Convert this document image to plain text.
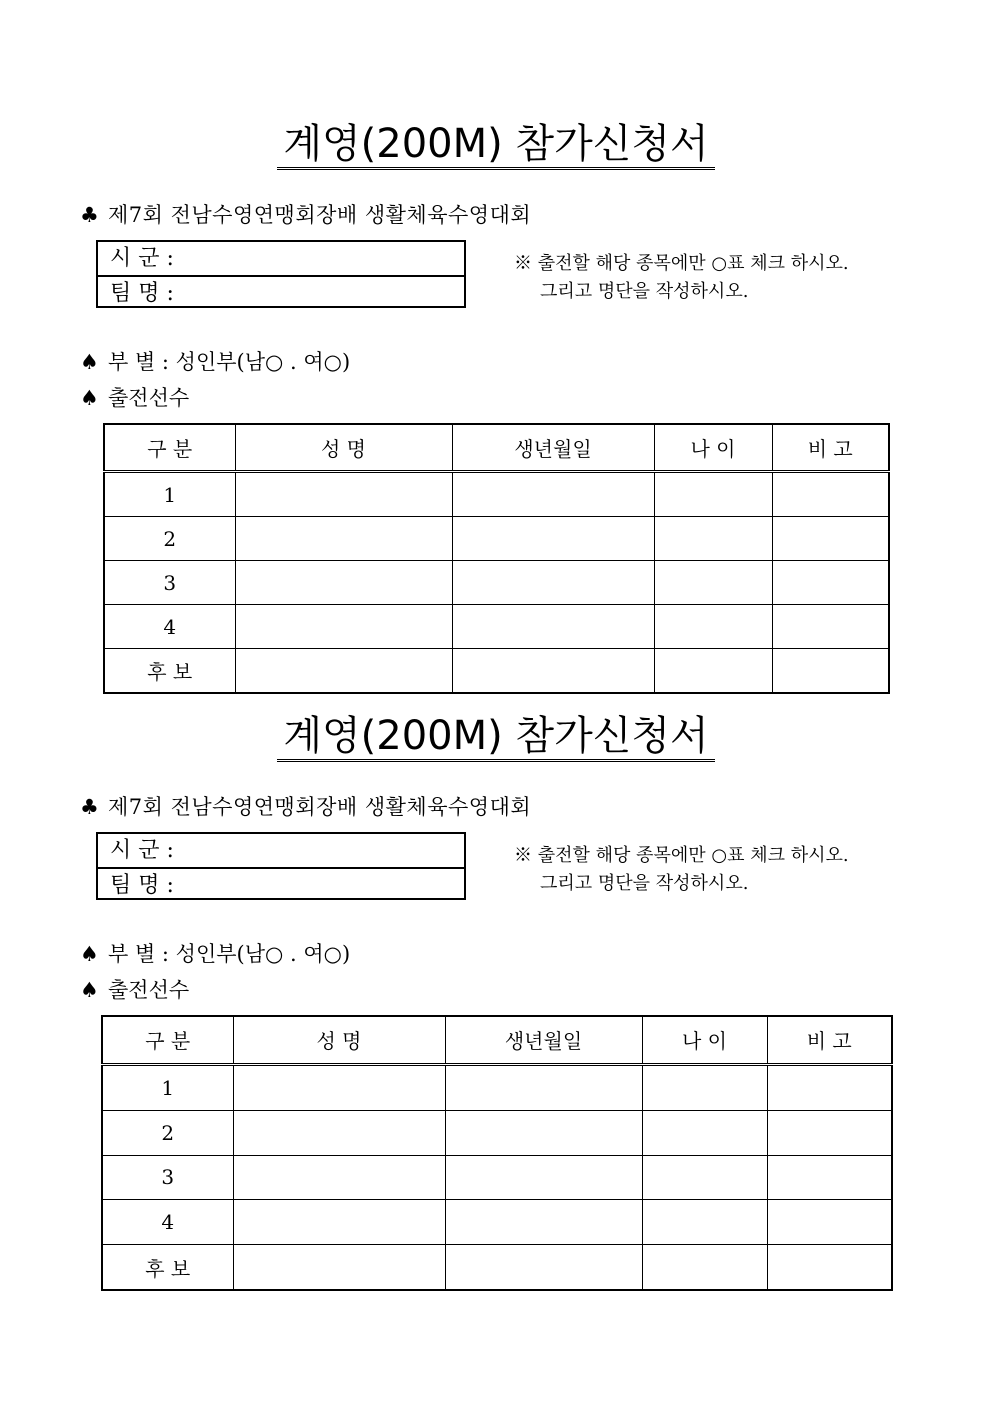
계영(200M) 참가신청서
♣ 제7회 전남수영연맹회장배 생활체육수영대회
시 군 :
팀 명 :
※ 출전할 해당 종목에만 ○표 체크 하시오.
그리고 명단을 작성하시오.
♠ 부 별 : 성인부(남○ . 여○)
♠ 출전선수
구 분	성 명	생년월일	나 이	비 고
1				
2				
3				
4				
후 보				
계영(200M) 참가신청서
♣ 제7회 전남수영연맹회장배 생활체육수영대회
시 군 :
팀 명 :
※ 출전할 해당 종목에만 ○표 체크 하시오.
그리고 명단을 작성하시오.
♠ 부 별 : 성인부(남○ . 여○)
♠ 출전선수
구 분	성 명	생년월일	나 이	비 고
1				
2				
3				
4				
후 보				
